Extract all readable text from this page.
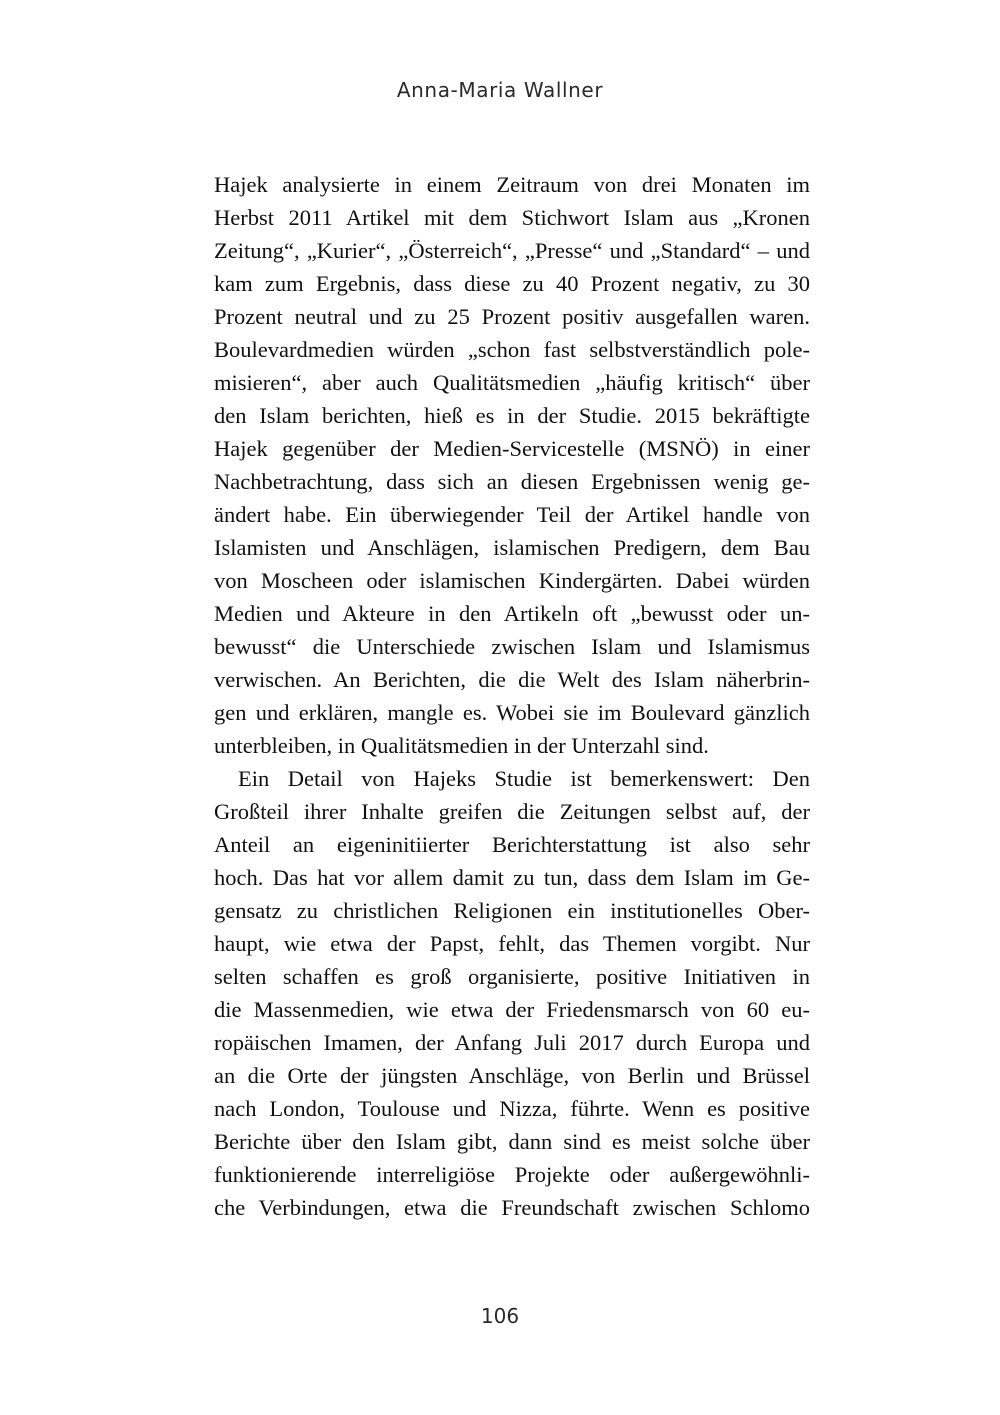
Anna-Maria Wallner

Hajek analysierte in einem Zeitraum von drei Monaten im
Herbst 2011 Artikel mit dem Stichwort Islam aus „Kronen
Zeitung“, „Kurier“, „Österreich“, „Presse“ und „Standard“ – und
kam zum Ergebnis, dass diese zu 40 Prozent negativ, zu 30
Prozent neutral und zu 25 Prozent positiv ausgefallen waren.
Boulevardmedien würden „schon fast selbstverständlich pole-
misieren“, aber auch Qualitätsmedien „häufig kritisch“ über
den Islam berichten, hieß es in der Studie. 2015 bekräftigte
Hajek gegenüber der Medien-Servicestelle (MSNÖ) in einer
Nachbetrachtung, dass sich an diesen Ergebnissen wenig ge-
ändert habe. Ein überwiegender Teil der Artikel handle von
Islamisten und Anschlägen, islamischen Predigern, dem Bau
von Moscheen oder islamischen Kindergärten. Dabei würden
Medien und Akteure in den Artikeln oft „bewusst oder un-
bewusst“ die Unterschiede zwischen Islam und Islamismus
verwischen. An Berichten, die die Welt des Islam näherbrin-
gen und erklären, mangle es. Wobei sie im Boulevard gänzlich
unterbleiben, in Qualitätsmedien in der Unterzahl sind.
Ein Detail von Hajeks Studie ist bemerkenswert: Den
Großteil ihrer Inhalte greifen die Zeitungen selbst auf, der
Anteil an eigeninitiierter Berichterstattung ist also sehr
hoch. Das hat vor allem damit zu tun, dass dem Islam im Ge-
gensatz zu christlichen Religionen ein institutionelles Ober-
haupt, wie etwa der Papst, fehlt, das Themen vorgibt. Nur
selten schaffen es groß organisierte, positive Initiativen in
die Massenmedien, wie etwa der Friedensmarsch von 60 eu-
ropäischen Imamen, der Anfang Juli 2017 durch Europa und
an die Orte der jüngsten Anschläge, von Berlin und Brüssel
nach London, Toulouse und Nizza, führte. Wenn es positive
Berichte über den Islam gibt, dann sind es meist solche über
funktionierende interreligiöse Projekte oder außergewöhnli-
che Verbindungen, etwa die Freundschaft zwischen Schlomo

106
